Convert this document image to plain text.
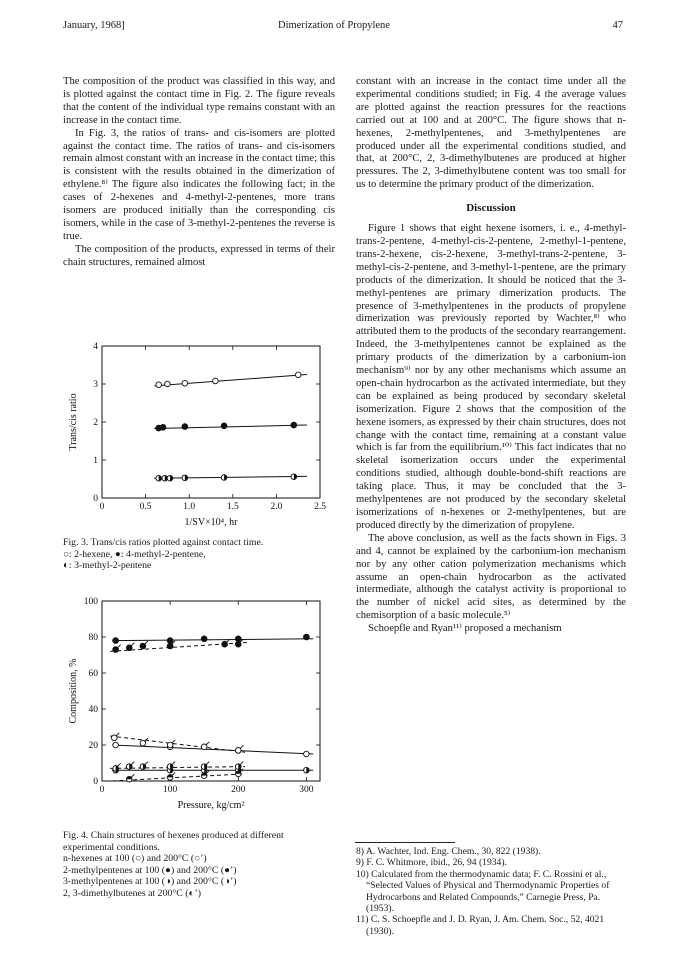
January, 1968]	Dimerization of Propylene	47

The composition of the product was classified in this way, and is plotted against the contact time in Fig. 2. The figure reveals that the content of the individual type remains constant with an increase in the contact time.

In Fig. 3, the ratios of trans- and cis-isomers are plotted against the contact time. The ratios of trans- and cis-isomers remain almost constant with an increase in the contact time; this is consistent with the results obtained in the dimerization of ethylene.⁸⁾ The figure also indicates the following fact; in the cases of 2-hexenes and 4-methyl-2-pentenes, more trans isomers are produced initially than the corresponding cis isomers, while in the case of 3-methyl-2-pentenes the reverse is true.

The composition of the products, expressed in terms of their chain structures, remained almost

0	0.5	1.0	1.5	2.0	2.5
0
1
2
3
4
1/SV×10⁴, hr
Trans/cis ratio

Fig. 3. Trans/cis ratios plotted against contact time.

○: 2-hexene, ●: 4-methyl-2-pentene,

◐: 3-methyl-2-pentene

0	100	200	300
0
20
40
60
80
100
Pressure, kg/cm²
Composition, %

Fig. 4. Chain structures of hexenes produced at different experimental conditions.

n-hexenes at 100 (○) and 200°C (○ʼ)

2-methylpentenes at 100 (●) and 200°C (●ʼ)

3-methylpentenes at 100 (◑) and 200°C (◑ʼ)

2, 3-dimethylbutenes at 200°C (◐ʼ)

constant with an increase in the contact time under all the experimental conditions studied; in Fig. 4 the average values are plotted against the reaction pressures for the reactions carried out at 100 and at 200°C. The figure shows that n-hexenes, 2-methylpentenes, and 3-methylpentenes are produced under all the experimental conditions studied, and that, at 200°C, 2, 3-dimethylbutenes are produced at higher pressures. The 2, 3-dimethylbutene content was too small for us to determine the primary product of the dimerization.

Discussion

Figure 1 shows that eight hexene isomers, i. e., 4-methyl-trans-2-pentene, 4-methyl-cis-2-pentene, 2-methyl-1-pentene, trans-2-hexene, cis-2-hexene, 3-methyl-trans-2-pentene, 3-methyl-cis-2-pentene, and 3-methyl-1-pentene, are the primary products of the dimerization. It should be noticed that the 3-methyl-pentenes are primary dimerization products. The presence of 3-methylpentenes in the products of propylene dimerization was previously reported by Wachter,⁸⁾ who attributed them to the products of the secondary rearrangement. Indeed, the 3-methylpentenes cannot be explained as the primary products of the dimerization by a carbonium-ion mechanism⁹⁾ nor by any other mechanisms which assume an open-chain hydrocarbon as the activated intermediate, but they can be explained as being produced by secondary skeletal isomerization. Figure 2 shows that the composition of the hexene isomers, as expressed by their chain structures, does not change with the contact time, remaining at a constant value which is far from the equilibrium.¹⁰⁾ This fact indicates that no skeletal isomerization occurs under the experimental conditions studied, although double-bond-shift reactions are taking place. Thus, it may be concluded that the 3-methylpentenes are not produced by the secondary skeletal isomerizations of n-hexenes or 2-methylpentenes, but are produced directly by the dimerization of propylene.

The above conclusion, as well as the facts shown in Figs. 3 and 4, cannot be explained by the carbonium-ion mechanism nor by any other cation polymerization mechanisms which assume an open-chain hydrocarbon as the activated intermediate, although the catalyst activity is proportional to the number of nickel acid sites, as determined by the chemisorption of a basic molecule.⁵⁾

Schoepfle and Ryan¹¹⁾ proposed a mechanism

8) A. Wachter, Ind. Eng. Chem., 30, 822 (1938).

9) F. C. Whitmore, ibid., 26, 94 (1934).

10) Calculated from the thermodynamic data; F. C. Rossini et al., “Selected Values of Physical and Thermodynamic Properties of Hydrocarbons and Related Compounds,” Carnegie Press, Pa. (1953).

11) C. S. Schoepfle and J. D. Ryan, J. Am. Chem. Soc., 52, 4021 (1930).
